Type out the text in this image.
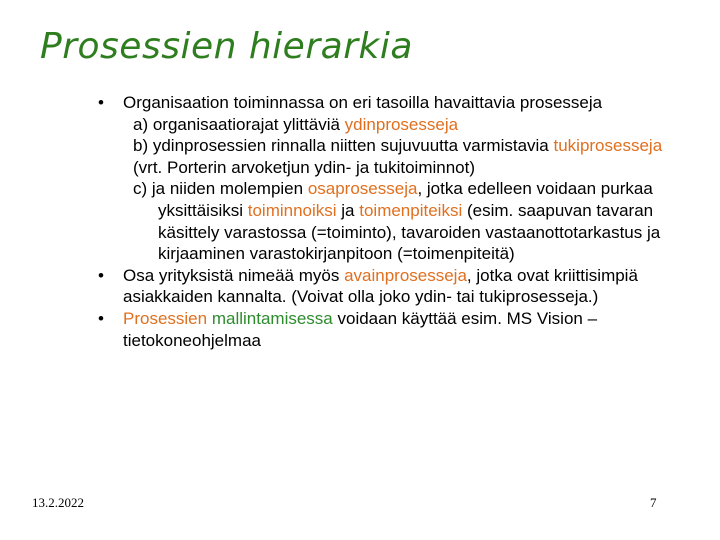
Prosessien hierarkia
• Organisaation toiminnassa on eri tasoilla havaittavia prosesseja
a) organisaatiorajat ylittäviä ydinprosesseja
b) ydinprosessien rinnalla niitten sujuvuutta varmistavia tukiprosesseja
(vrt. Porterin arvoketjun ydin- ja tukitoiminnot)
c) ja niiden molempien osaprosesseja, jotka edelleen voidaan purkaa yksittäisiksi toiminnoiksi ja toimenpiteiksi (esim. saapuvan tavaran käsittely varastossa (=toiminto), tavaroiden vastaanottotarkastus ja kirjaaminen varastokirjanpitoon (=toimenpiteitä)
• Osa yrityksistä nimeää myös avainprosesseja, jotka ovat kriittisimpiä asiakkaiden kannalta. (Voivat olla joko ydin- tai tukiprosesseja.)
• Prosessien mallintamisessa voidaan käyttää esim. MS Vision – tietokoneohjelmaa
13.2.2022	7
